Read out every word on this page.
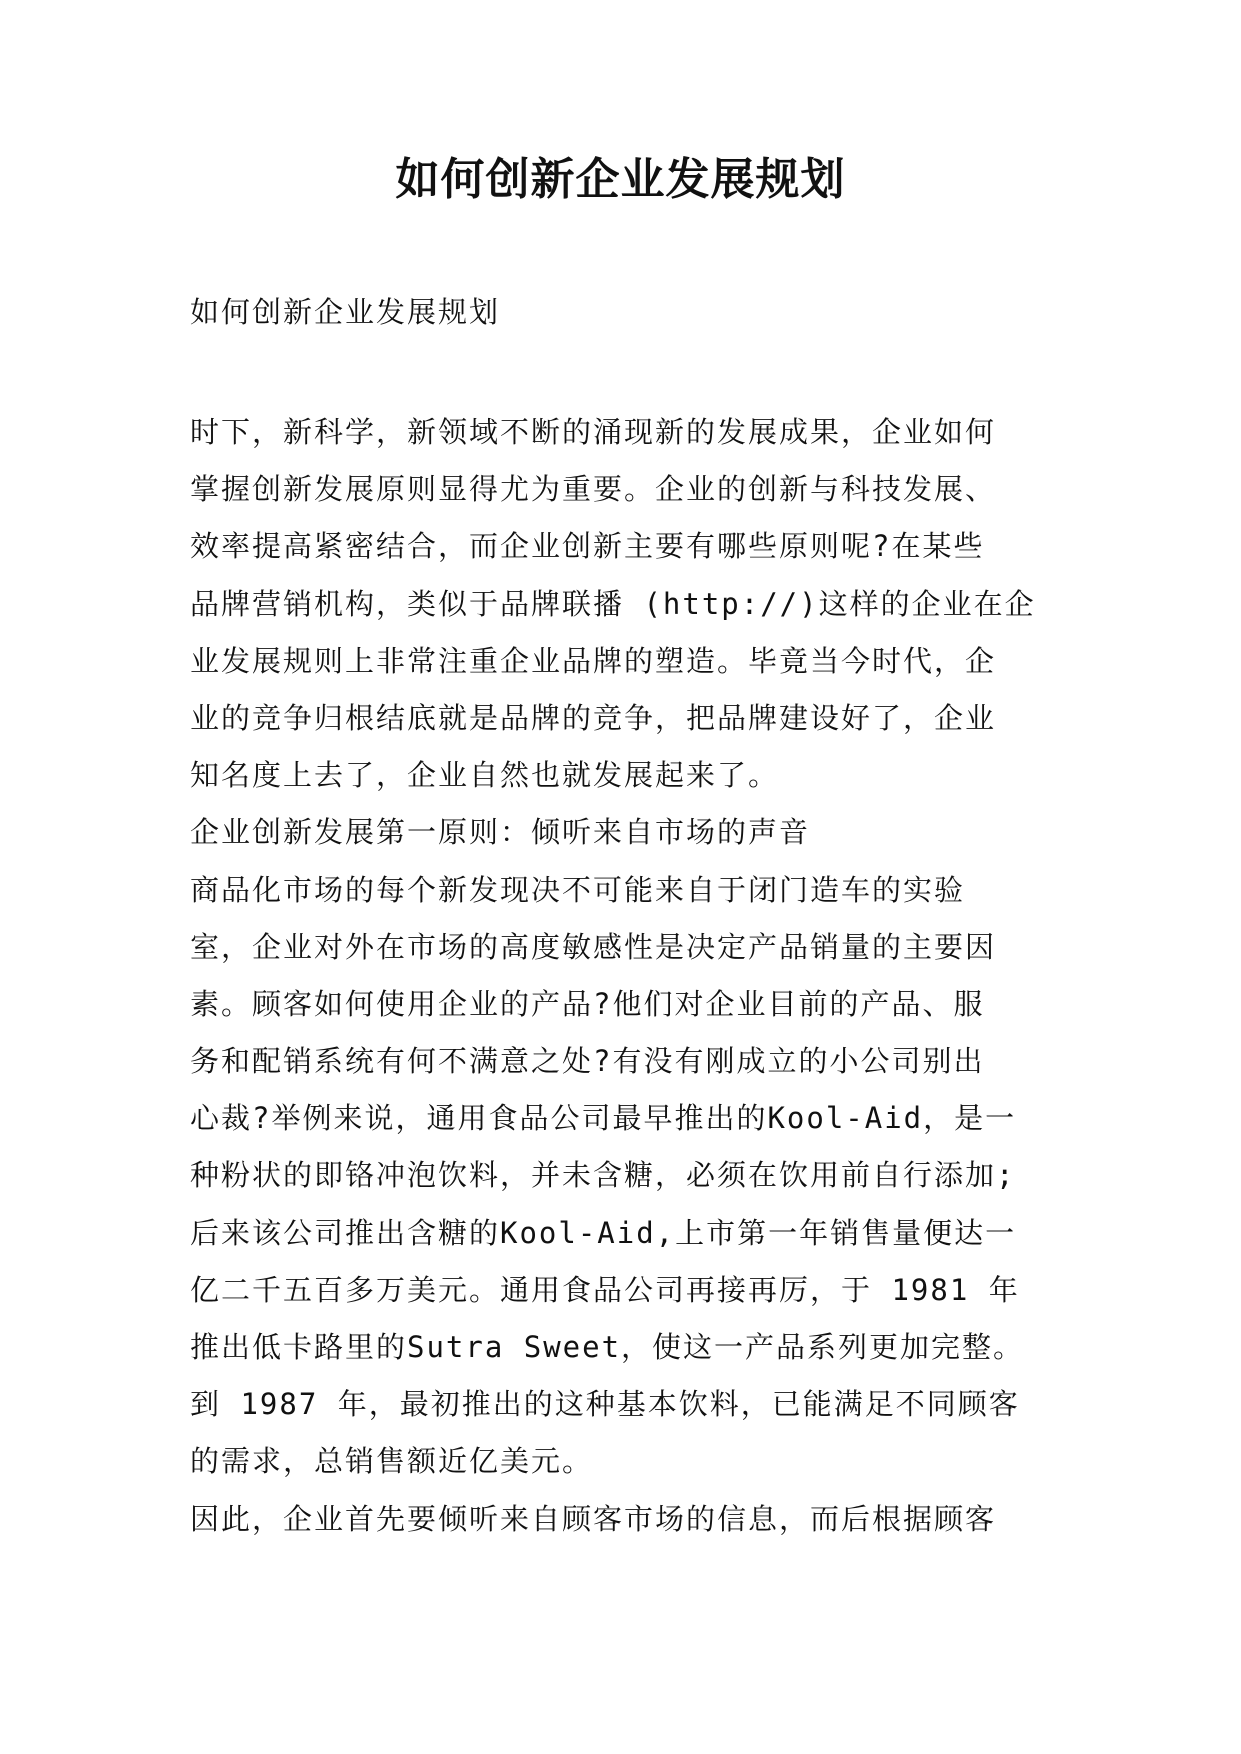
如何创新企业发展规划

如何创新企业发展规划

时下，新科学，新领域不断的涌现新的发展成果，企业如何
掌握创新发展原则显得尤为重要。企业的创新与科技发展、
效率提高紧密结合，而企业创新主要有哪些原则呢?在某些
品牌营销机构，类似于品牌联播 (http://)这样的企业在企
业发展规则上非常注重企业品牌的塑造。毕竟当今时代，企
业的竞争归根结底就是品牌的竞争，把品牌建设好了，企业
知名度上去了，企业自然也就发展起来了。
企业创新发展第一原则：倾听来自市场的声音
商品化市场的每个新发现决不可能来自于闭门造车的实验
室，企业对外在市场的高度敏感性是决定产品销量的主要因
素。顾客如何使用企业的产品?他们对企业目前的产品、服
务和配销系统有何不满意之处?有没有刚成立的小公司别出
心裁?举例来说，通用食品公司最早推出的Kool-Aid，是一
种粉状的即铬冲泡饮料，并未含糖，必须在饮用前自行添加;
后来该公司推出含糖的Kool-Aid,上市第一年销售量便达一
亿二千五百多万美元。通用食品公司再接再厉，于 1981 年
推出低卡路里的Sutra Sweet，使这一产品系列更加完整。
到 1987 年，最初推出的这种基本饮料，已能满足不同顾客
的需求，总销售额近亿美元。
因此，企业首先要倾听来自顾客市场的信息，而后根据顾客
